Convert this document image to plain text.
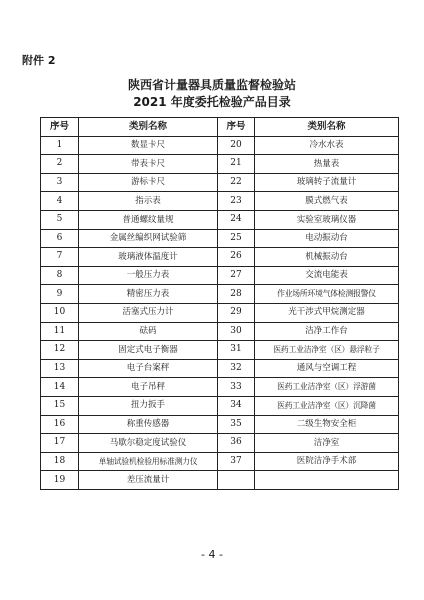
附件 2
陕西省计量器具质量监督检验站
2021 年度委托检验产品目录
序号	类别名称	序号	类别名称
1	数显卡尺	20	冷水水表
2	带表卡尺	21	热量表
3	游标卡尺	22	玻璃转子流量计
4	指示表	23	膜式燃气表
5	普通螺纹量规	24	实验室玻璃仪器
6	金属丝编织网试验筛	25	电动振动台
7	玻璃液体温度计	26	机械振动台
8	一般压力表	27	交流电能表
9	精密压力表	28	作业场所环境气体检测报警仪
10	活塞式压力计	29	光干涉式甲烷测定器
11	砝码	30	洁净工作台
12	固定式电子衡器	31	医药工业洁净室（区）悬浮粒子
13	电子台案秤	32	通风与空调工程
14	电子吊秤	33	医药工业洁净室（区）浮游菌
15	扭力扳手	34	医药工业洁净室（区）沉降菌
16	称重传感器	35	二级生物安全柜
17	马歇尔稳定度试验仪	36	洁净室
18	单轴试验机检验用标准测力仪	37	医院洁净手术部
19	差压流量计		
- 4 -
